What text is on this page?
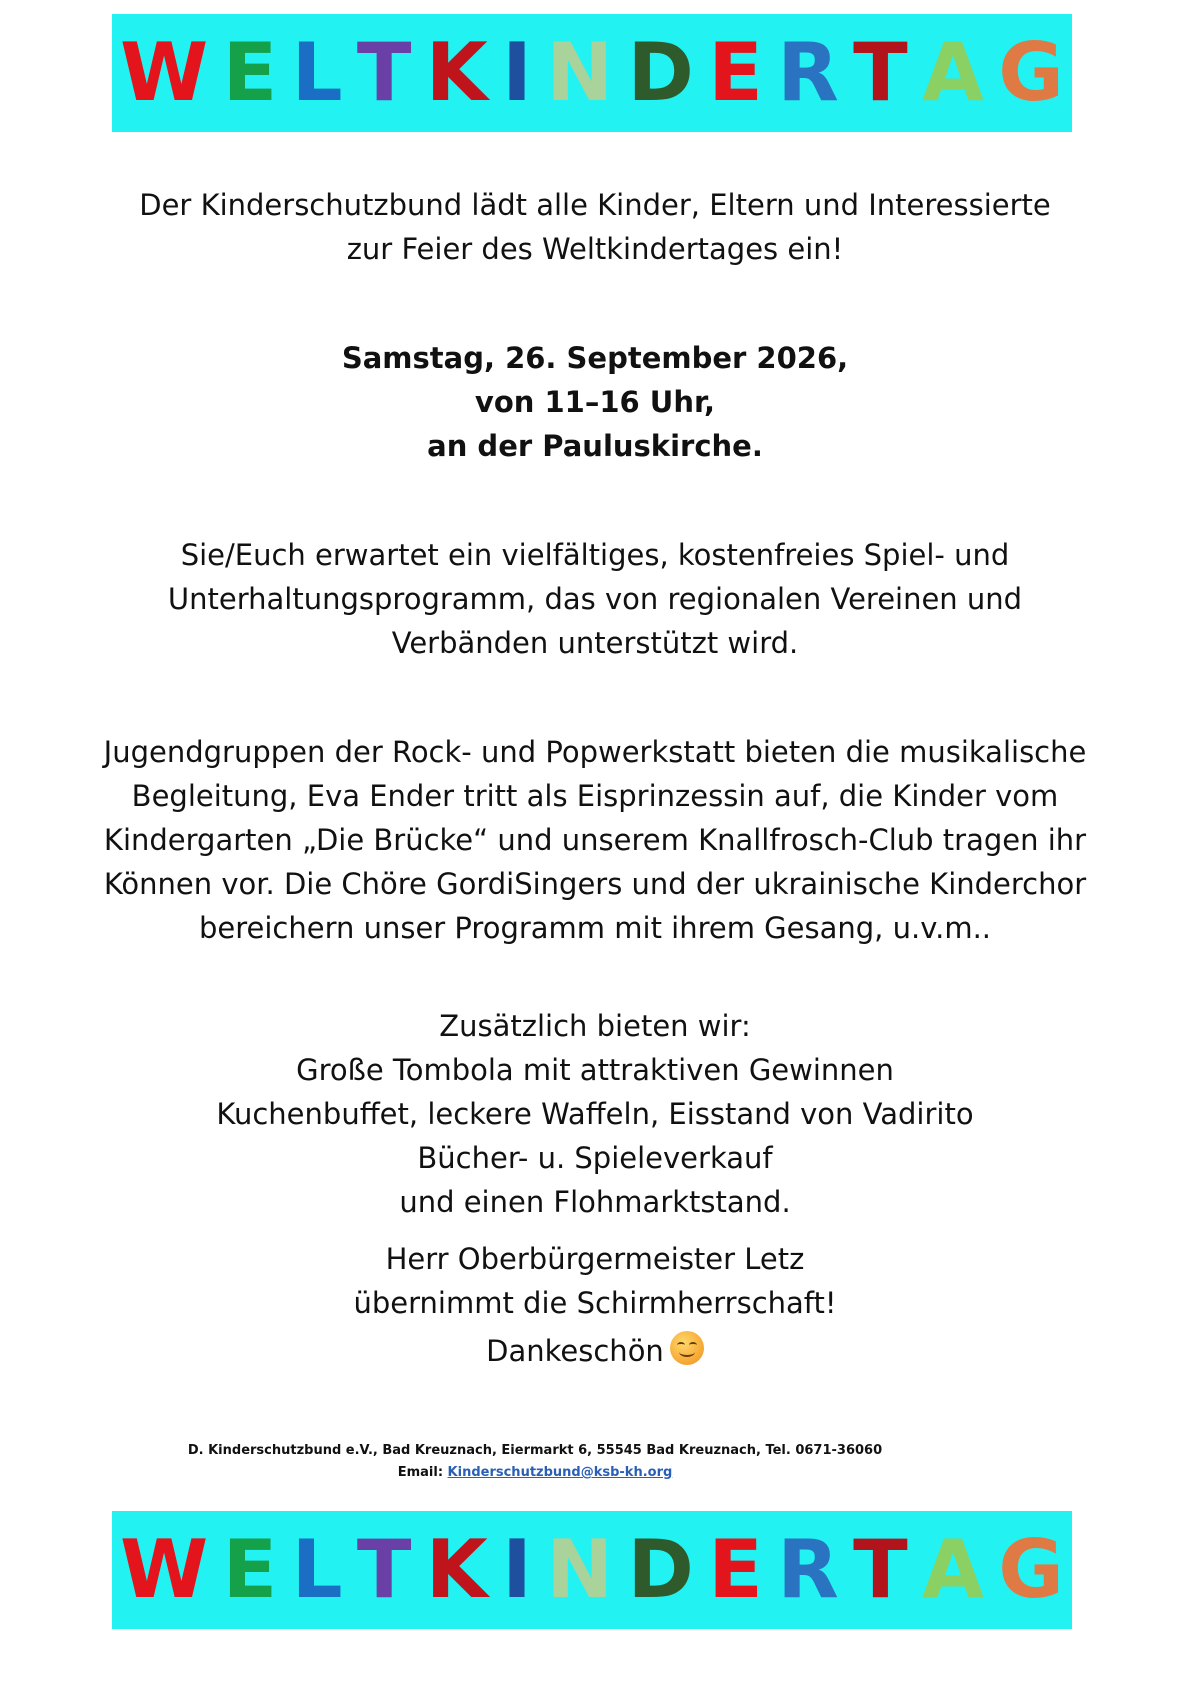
W E L T K I N D E R T A G

Der Kinderschutzbund lädt alle Kinder, Eltern und Interessierte

zur Feier des Weltkindertages ein!

Samstag, 26. September 2026,

von 11–16 Uhr,

an der Pauluskirche.

Sie/Euch erwartet ein vielfältiges, kostenfreies Spiel- und

Unterhaltungsprogramm, das von regionalen Vereinen und

Verbänden unterstützt wird.

Jugendgruppen der Rock- und Popwerkstatt bieten die musikalische

Begleitung, Eva Ender tritt als Eisprinzessin auf, die Kinder vom

Kindergarten „Die Brücke“ und unserem Knallfrosch-Club tragen ihr

Können vor. Die Chöre GordiSingers und der ukrainische Kinderchor

bereichern unser Programm mit ihrem Gesang, u.v.m..

Zusätzlich bieten wir:

Große Tombola mit attraktiven Gewinnen

Kuchenbuffet, leckere Waffeln, Eisstand von Vadirito

Bücher- u. Spieleverkauf

und einen Flohmarktstand.

Herr Oberbürgermeister Letz

übernimmt die Schirmherrschaft!

Dankeschön

D. Kinderschutzbund e.V., Bad Kreuznach, Eiermarkt 6, 55545 Bad Kreuznach, Tel. 0671-36060
Email: Kinderschutzbund@ksb-kh.org
W E L T K I N D E R T A G
